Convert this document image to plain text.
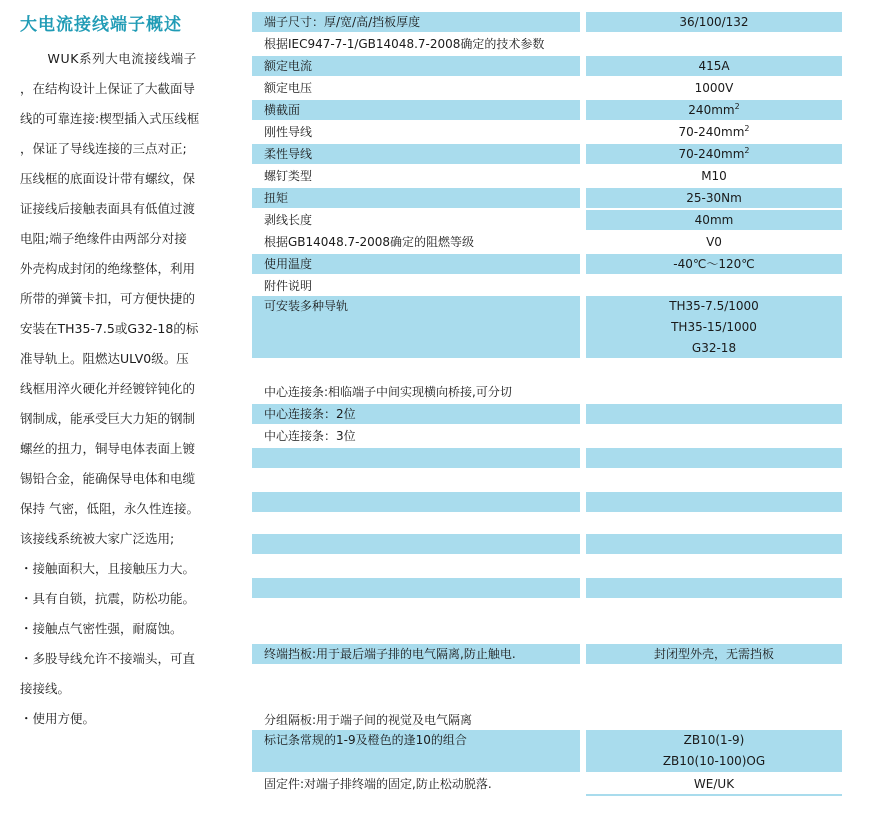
大电流接线端子概述
WUK系列大电流接线端子
，在结构设计上保证了大截面导
线的可靠连接:楔型插入式压线框
，保证了导线连接的三点对正;
压线框的底面设计带有螺纹，保
证接线后接触表面具有低值过渡
电阻;端子绝缘件由两部分对接
外壳构成封闭的绝缘整体，利用
所带的弹簧卡扣，可方便快捷的
安装在TH35-7.5或G32-18的标
准导轨上。阻燃达ULV0级。压
线框用淬火硬化并经镀锌钝化的
钢制成，能承受巨大力矩的钢制
螺丝的扭力，铜导电体表面上镀
锡铅合金，能确保导电体和电缆
保持 气密，低阻，永久性连接。
该接线系统被大家广泛选用;
・接触面积大，且接触压力大。
・具有自锁，抗震，防松功能。
・接触点气密性强，耐腐蚀。
・多股导线允许不接端头，可直
接接线。
・使用方便。
端子尺寸：厚/宽/高/挡板厚度	36/100/132
根据IEC947-7-1/GB14048.7-2008确定的技术参数
额定电流	415A
额定电压	1000V
横截面	$240mm^2$
刚性导线	$70-240mm^2$
柔性导线	$70-240mm^2$
螺钉类型	M10
扭矩	25-30Nm
剥线长度	40mm
根据GB14048.7-2008确定的阻燃等级	V0
使用温度	-40℃～120℃
附件说明
可安装多种导轨	TH35-7.5/1000
TH35-15/1000
G32-18
中心连接条:相临端子中间实现横向桥接,可分切
中心连接条：2位
中心连接条：3位
终端挡板:用于最后端子排的电气隔离,防止触电.	封闭型外壳，无需挡板
分组隔板:用于端子间的视觉及电气隔离
标记条常规的1-9及橙色的逢10的组合	ZB10(1-9)
ZB10(10-100)OG
固定件:对端子排终端的固定,防止松动脱落.	WE/UK
